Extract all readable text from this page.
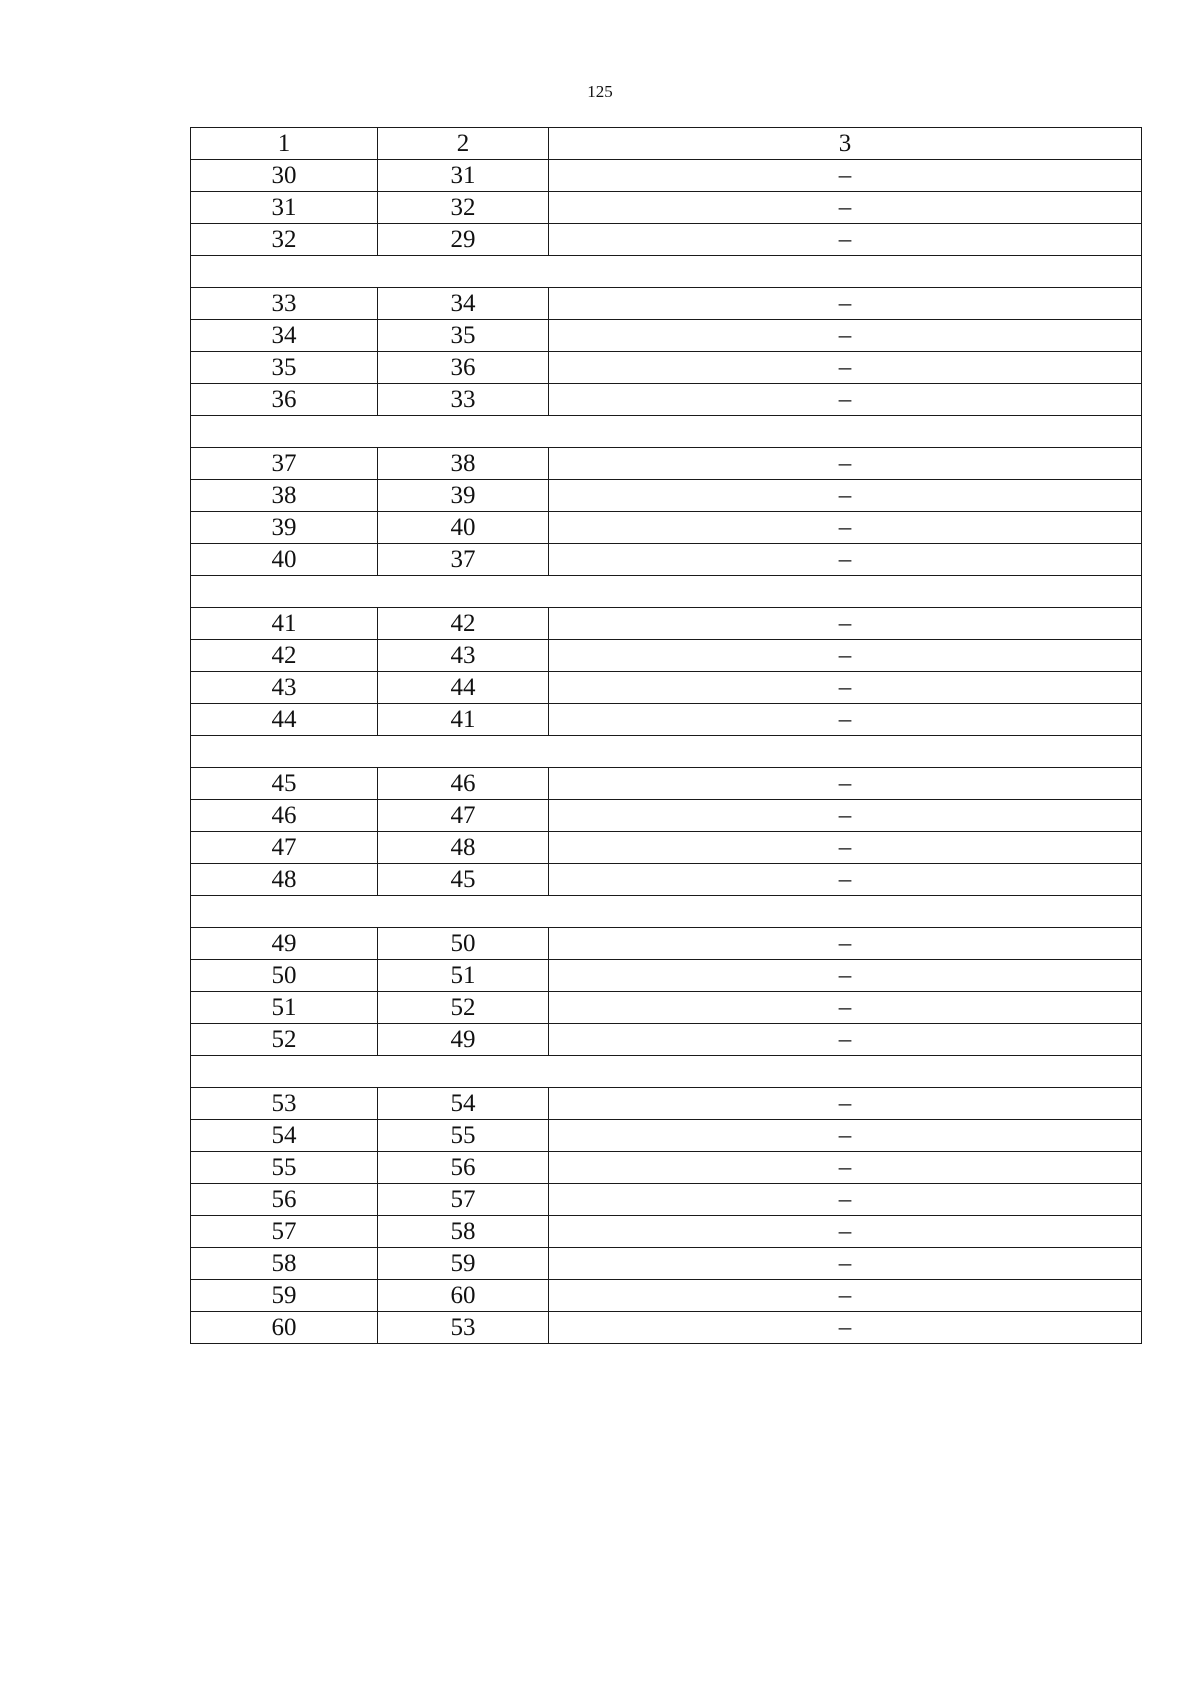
125
1	2	3
30	31	–
31	32	–
32	29	–

33	34	–
34	35	–
35	36	–
36	33	–

37	38	–
38	39	–
39	40	–
40	37	–

41	42	–
42	43	–
43	44	–
44	41	–

45	46	–
46	47	–
47	48	–
48	45	–

49	50	–
50	51	–
51	52	–
52	49	–

53	54	–
54	55	–
55	56	–
56	57	–
57	58	–
58	59	–
59	60	–
60	53	–
